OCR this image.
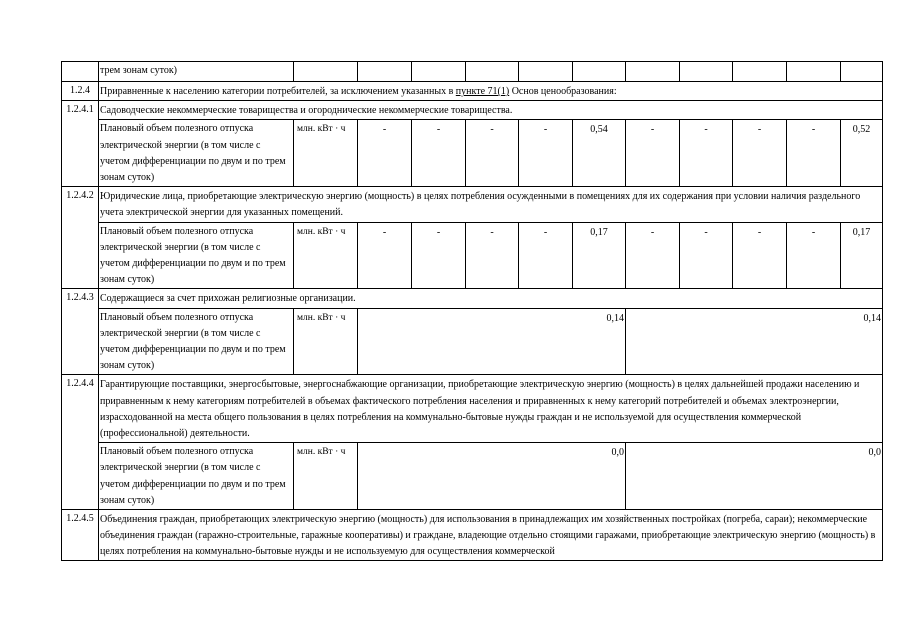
	трем зонам суток)											
1.2.4	Приравненные к населению категории потребителей, за исключением указанных в пункте 71(1) Основ ценообразования:											
1.2.4.1	Садоводческие некоммерческие товарищества и огороднические некоммерческие товарищества.											
	Плановый объем полезного отпуска электрической энергии (в том числе с учетом дифференциации по двум и по трем зонам суток)	млн. кВт · ч	-	-	-	-	0,54	-	-	-	-	0,52
1.2.4.2	Юридические лица, приобретающие электрическую энергию (мощность) в целях потребления осужденными в помещениях для их содержания при условии наличия раздельного учета электрической энергии для указанных помещений.											
	Плановый объем полезного отпуска электрической энергии (в том числе с учетом дифференциации по двум и по трем зонам суток)	млн. кВт · ч	-	-	-	-	0,17	-	-	-	-	0,17
1.2.4.3	Содержащиеся за счет прихожан религиозные организации.											
	Плановый объем полезного отпуска электрической энергии (в том числе с учетом дифференциации по двум и по трем зонам суток)	млн. кВт · ч	0,14					0,14				
1.2.4.4	Гарантирующие поставщики, энергосбытовые, энергоснабжающие организации, приобретающие электрическую энергию (мощность) в целях дальнейшей продажи населению и приравненным к нему категориям потребителей в объемах фактического потребления населения и приравненных к нему категорий потребителей и объемах электроэнергии, израсходованной на места общего пользования в целях потребления на коммунально-бытовые нужды граждан и не используемой для осуществления коммерческой (профессиональной) деятельности.											
	Плановый объем полезного отпуска электрической энергии (в том числе с учетом дифференциации по двум и по трем зонам суток)	млн. кВт · ч	0,0					0,0				
1.2.4.5	Объединения граждан, приобретающих электрическую энергию (мощность) для использования в принадлежащих им хозяйственных постройках (погреба, сараи); некоммерческие объединения граждан (гаражно-строительные, гаражные кооперативы) и граждане, владеющие отдельно стоящими гаражами, приобретающие электрическую энергию (мощность) в целях потребления на коммунально-бытовые нужды и не используемую для осуществления коммерческой											
